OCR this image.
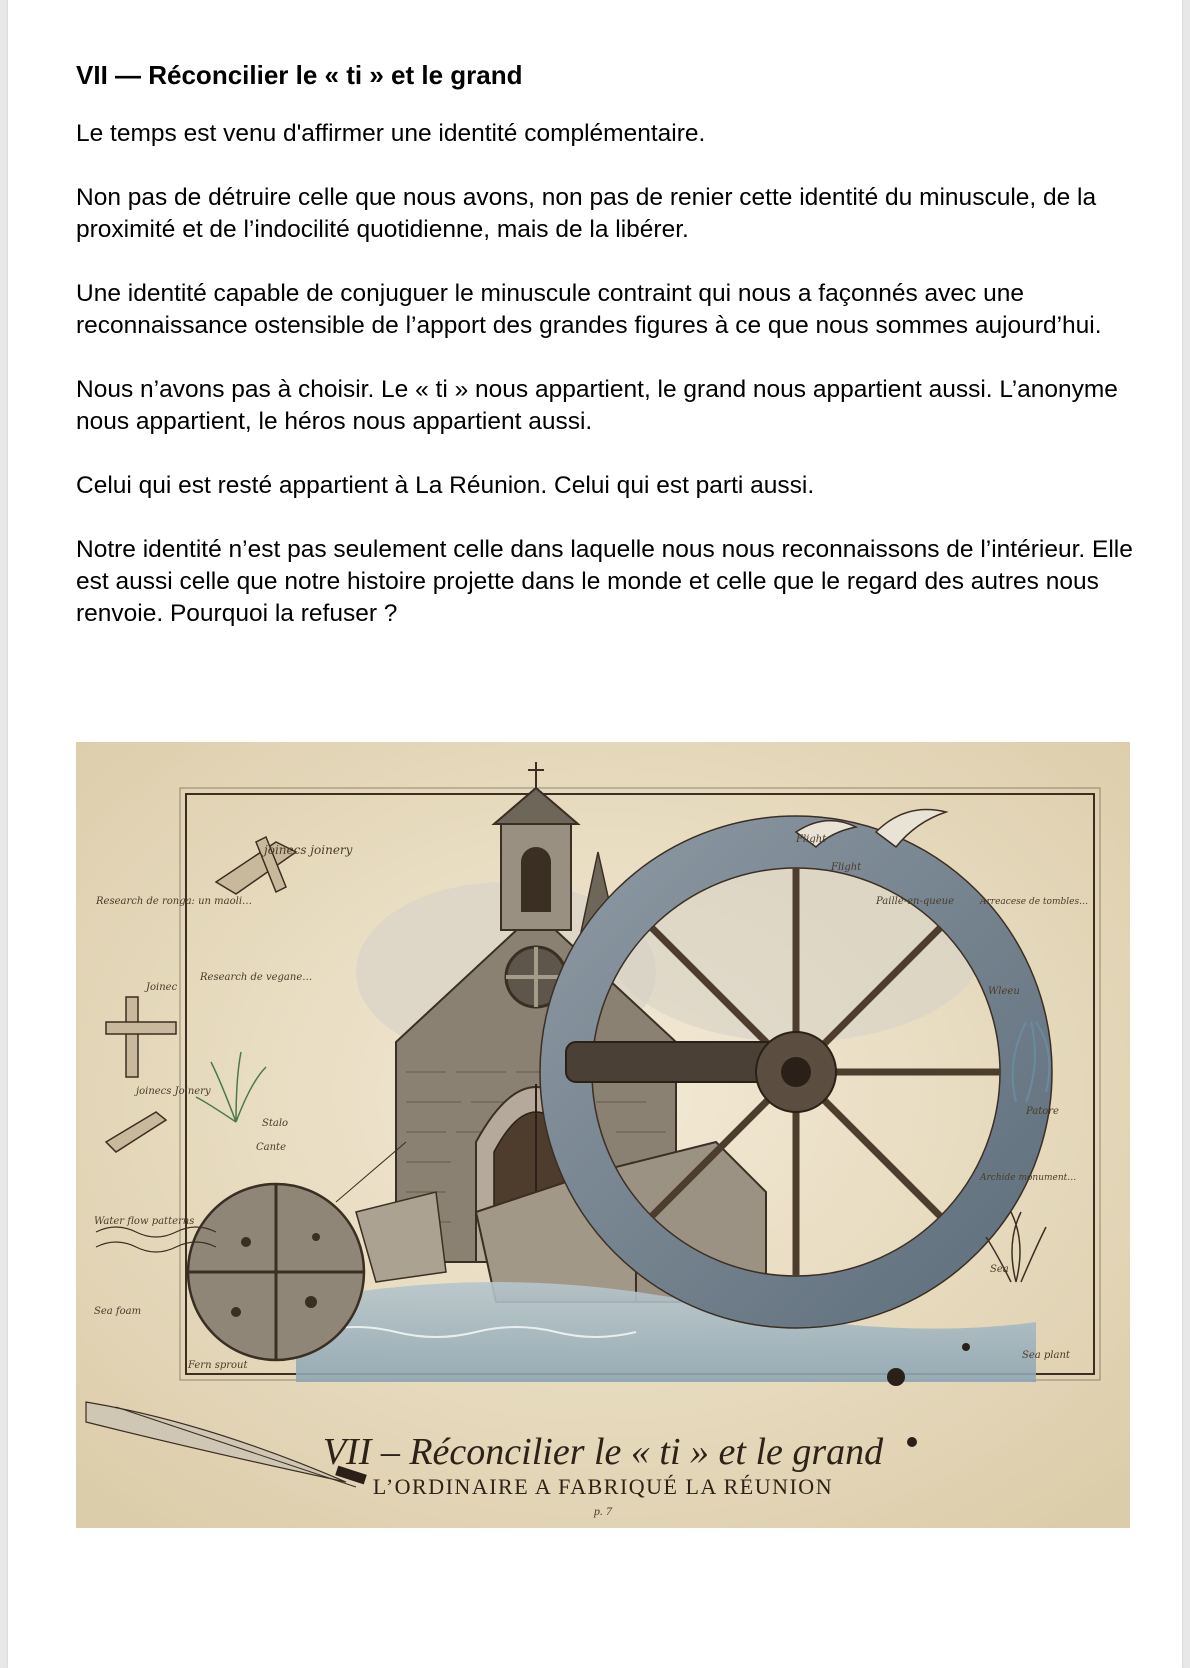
VII — Réconcilier le « ti » et le grand

Le temps est venu d'affirmer une identité complémentaire.

Non pas de détruire celle que nous avons, non pas de renier cette identité du minuscule, de la proximité et de l’indocilité quotidienne, mais de la libérer.

Une identité capable de conjuguer le minuscule contraint qui nous a façonnés avec une reconnaissance ostensible de l’apport des grandes figures à ce que nous sommes aujourd’hui.

Nous n’avons pas à choisir. Le « ti » nous appartient, le grand nous appartient aussi. L’anonyme nous appartient, le héros nous appartient aussi.

Celui qui est resté appartient à La Réunion. Celui qui est parti aussi.

Notre identité n’est pas seulement celle dans laquelle nous nous reconnaissons de l’intérieur. Elle est aussi celle que notre histoire projette dans le monde et celle que le regard des autres nous renvoie. Pourquoi la refuser ?

joinecs joinery
Research de ronga: un maoli…
Joinec
joinecs Joinery
Research de vegane…
Stalo
Cante
Water flow patterns
Sea foam
Fern sprout
Flight
Flight
Paille-en-queue	Arreacese de tombles…
Wleeu
Patore
Archide monument…
Sea
Sea plant
VII – Réconcilier le « ti » et le grand
L’ORDINAIRE A FABRIQUÉ LA RÉUNION
p. 7
